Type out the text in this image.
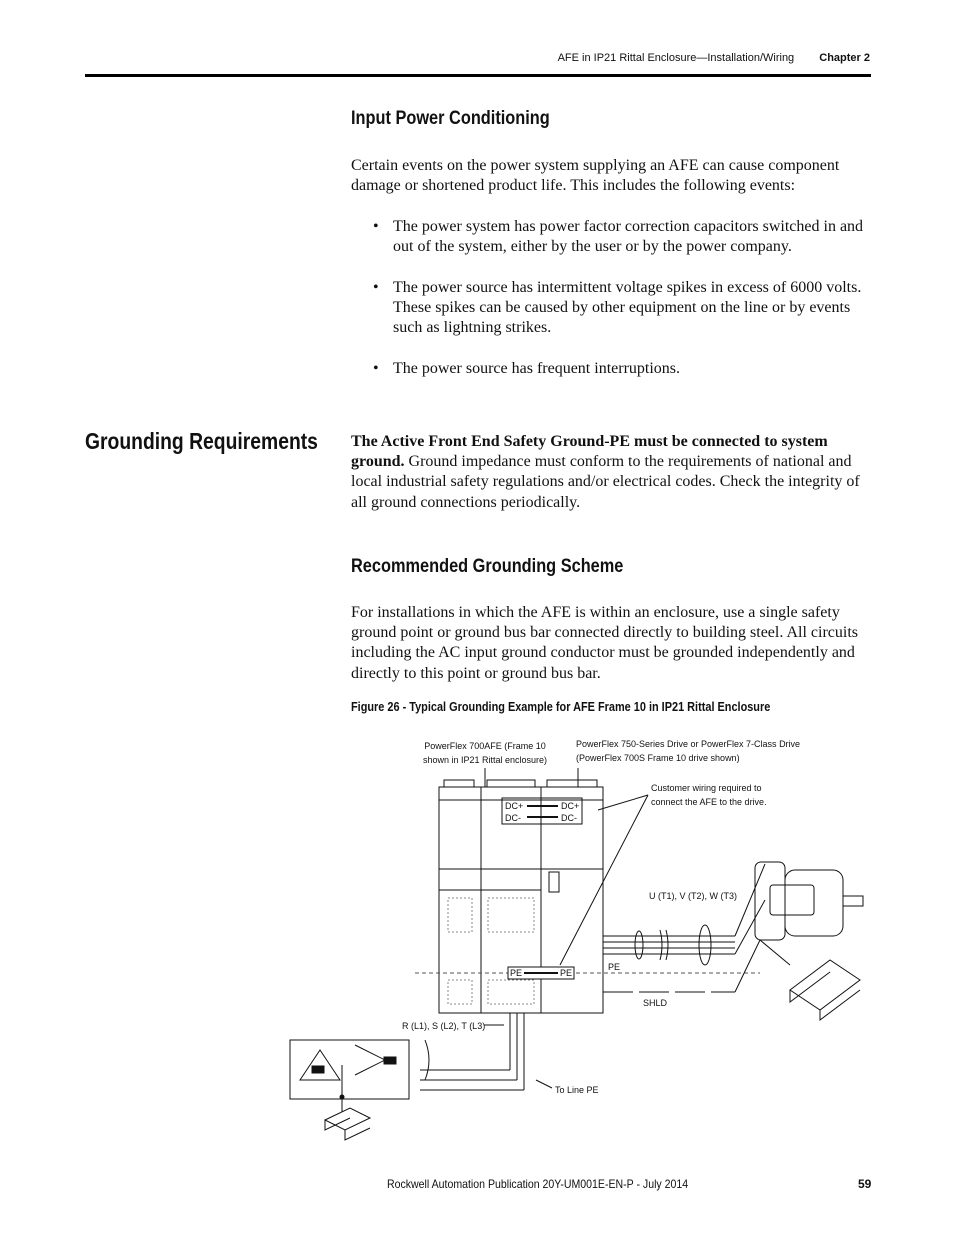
AFE in IP21 Rittal Enclosure—Installation/Wiring Chapter 2
Input Power Conditioning

Certain events on the power system supplying an AFE can cause component damage or shortened product life. This includes the following events:

• The power system has power factor correction capacitors switched in and out of the system, either by the user or by the power company.
• The power source has intermittent voltage spikes in excess of 6000 volts. These spikes can be caused by other equipment on the line or by events such as lightning strikes.
• The power source has frequent interruptions.
Grounding Requirements The Active Front End Safety Ground-PE must be connected to system ground. Ground impedance must conform to the requirements of national and local industrial safety regulations and/or electrical codes. Check the integrity of all ground connections periodically.

Recommended Grounding Scheme

For installations in which the AFE is within an enclosure, use a single safety ground point or ground bus bar connected directly to building steel. All circuits including the AC input ground conductor must be grounded independently and directly to this point or ground bus bar.

Figure 26 - Typical Grounding Example for AFE Frame 10 in IP21 Rittal Enclosure
PowerFlex 700AFE (Frame 10
shown in IP21 Rittal enclosure)
PowerFlex 750-Series Drive or PowerFlex 7-Class Drive
(PowerFlex 700S Frame 10 drive shown)
Customer wiring required to
connect the AFE to the drive.
DC+	DC+
DC-	DC-
PE	PE
PE
U (T1), V (T2), W (T3)
SHLD
R (L1), S (L2), T (L3)
To Line PE
Rockwell Automation Publication 20Y-UM001E-EN-P - July 2014	59
